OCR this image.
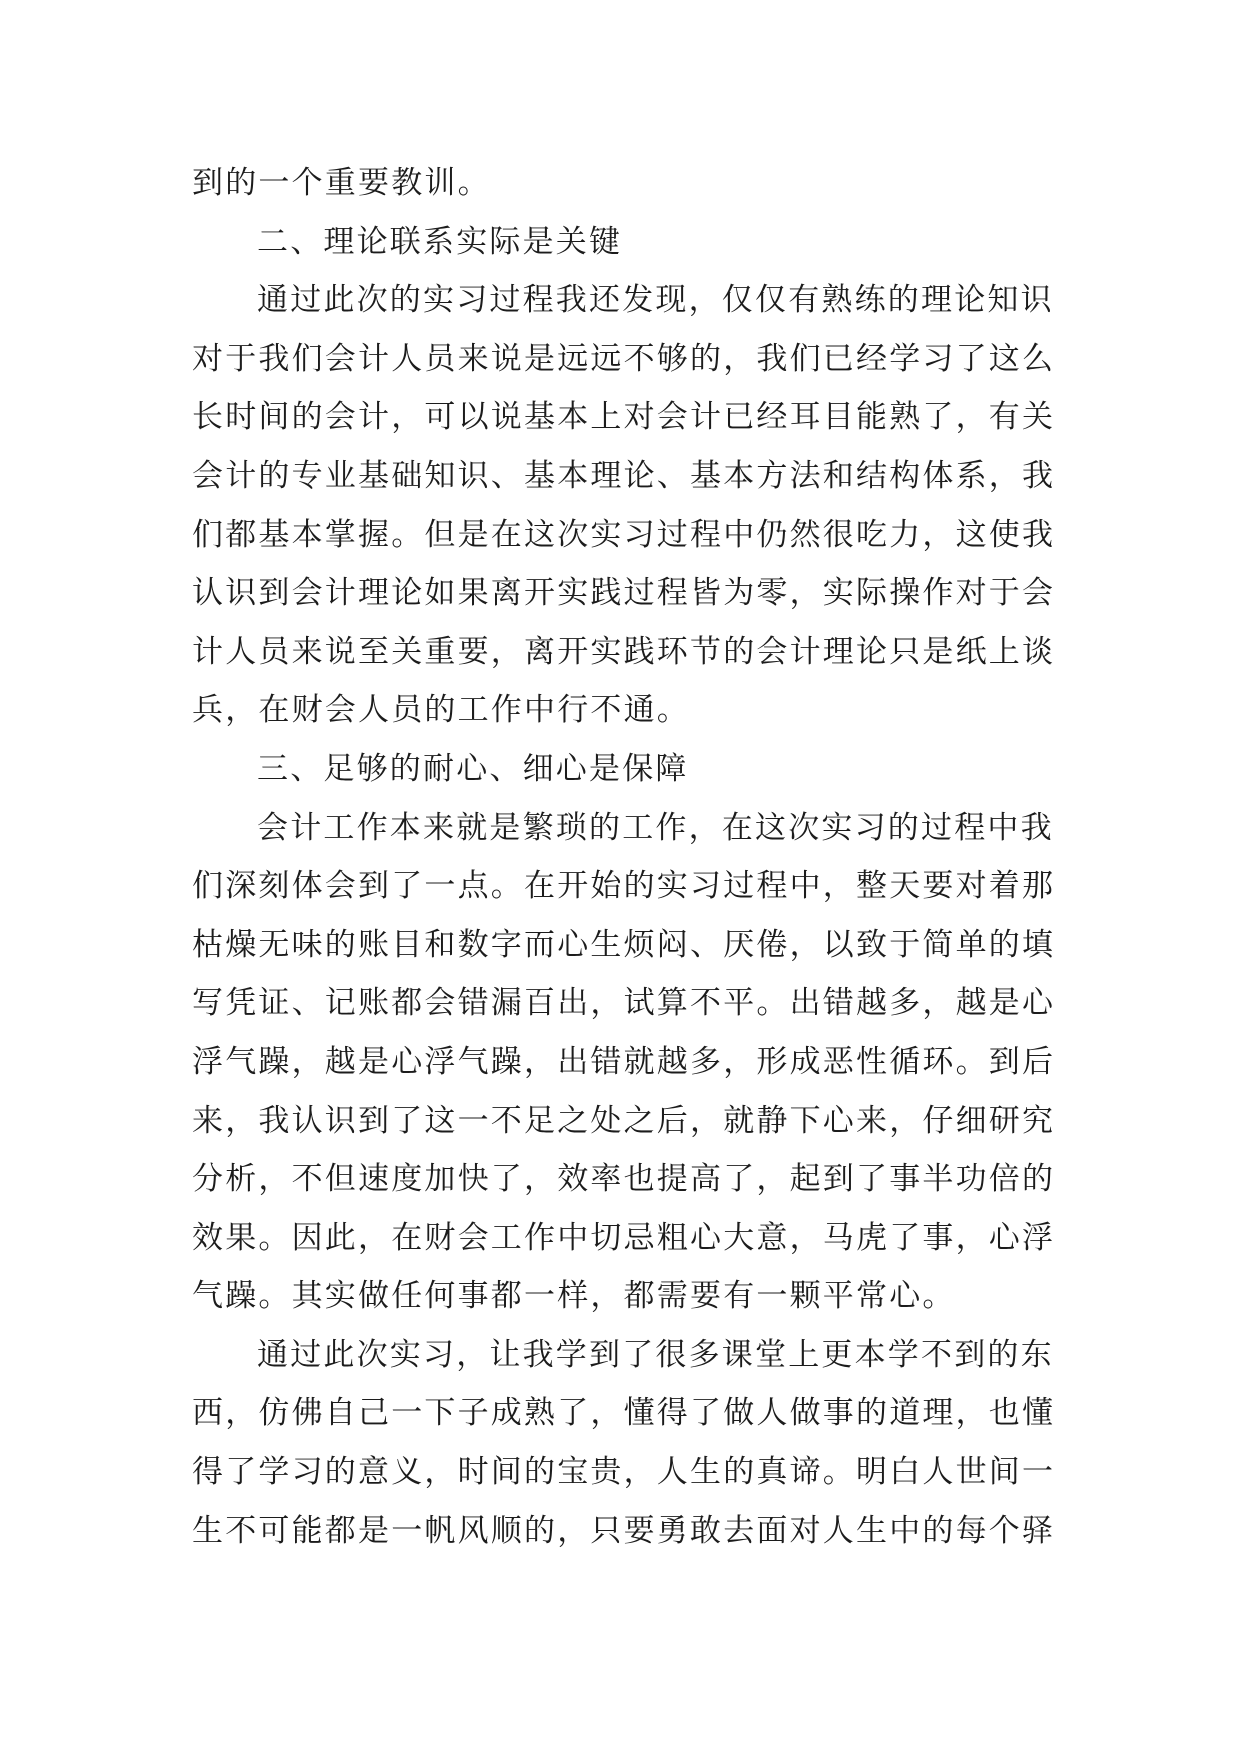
到的一个重要教训。
二、理论联系实际是关键
通过此次的实习过程我还发现，仅仅有熟练的理论知识
对于我们会计人员来说是远远不够的，我们已经学习了这么
长时间的会计，可以说基本上对会计已经耳目能熟了，有关
会计的专业基础知识、基本理论、基本方法和结构体系，我
们都基本掌握。但是在这次实习过程中仍然很吃力，这使我
认识到会计理论如果离开实践过程皆为零，实际操作对于会
计人员来说至关重要，离开实践环节的会计理论只是纸上谈
兵，在财会人员的工作中行不通。
三、足够的耐心、细心是保障
会计工作本来就是繁琐的工作，在这次实习的过程中我
们深刻体会到了一点。在开始的实习过程中，整天要对着那
枯燥无味的账目和数字而心生烦闷、厌倦，以致于简单的填
写凭证、记账都会错漏百出，试算不平。出错越多，越是心
浮气躁，越是心浮气躁，出错就越多，形成恶性循环。到后
来，我认识到了这一不足之处之后，就静下心来，仔细研究
分析，不但速度加快了，效率也提高了，起到了事半功倍的
效果。因此，在财会工作中切忌粗心大意，马虎了事，心浮
气躁。其实做任何事都一样，都需要有一颗平常心。
通过此次实习，让我学到了很多课堂上更本学不到的东
西，仿佛自己一下子成熟了，懂得了做人做事的道理，也懂
得了学习的意义，时间的宝贵，人生的真谛。明白人世间一
生不可能都是一帆风顺的，只要勇敢去面对人生中的每个驿
